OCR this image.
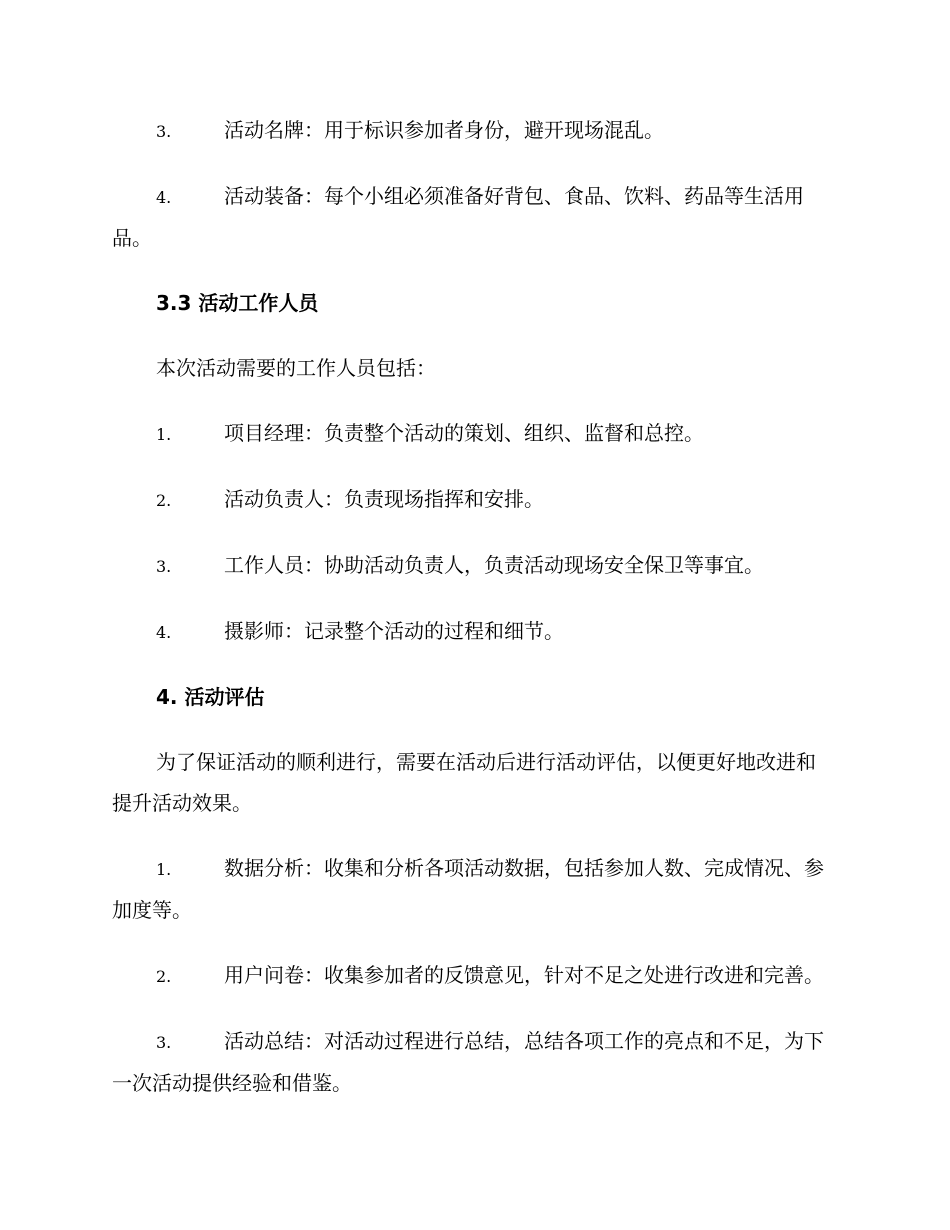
3.	活动名牌：用于标识参加者身份，避开现场混乱。
4.	活动装备：每个小组必须准备好背包、食品、饮料、药品等生活用品。
3.3 活动工作人员
本次活动需要的工作人员包括：
1.	项目经理：负责整个活动的策划、组织、监督和总控。
2.	活动负责人：负责现场指挥和安排。
3.	工作人员：协助活动负责人，负责活动现场安全保卫等事宜。
4.	摄影师：记录整个活动的过程和细节。
4. 活动评估
为了保证活动的顺利进行，需要在活动后进行活动评估，以便更好地改进和提升活动效果。
1.	数据分析：收集和分析各项活动数据，包括参加人数、完成情况、参加度等。
2.	用户问卷：收集参加者的反馈意见，针对不足之处进行改进和完善。
3.	活动总结：对活动过程进行总结，总结各项工作的亮点和不足，为下一次活动提供经验和借鉴。
